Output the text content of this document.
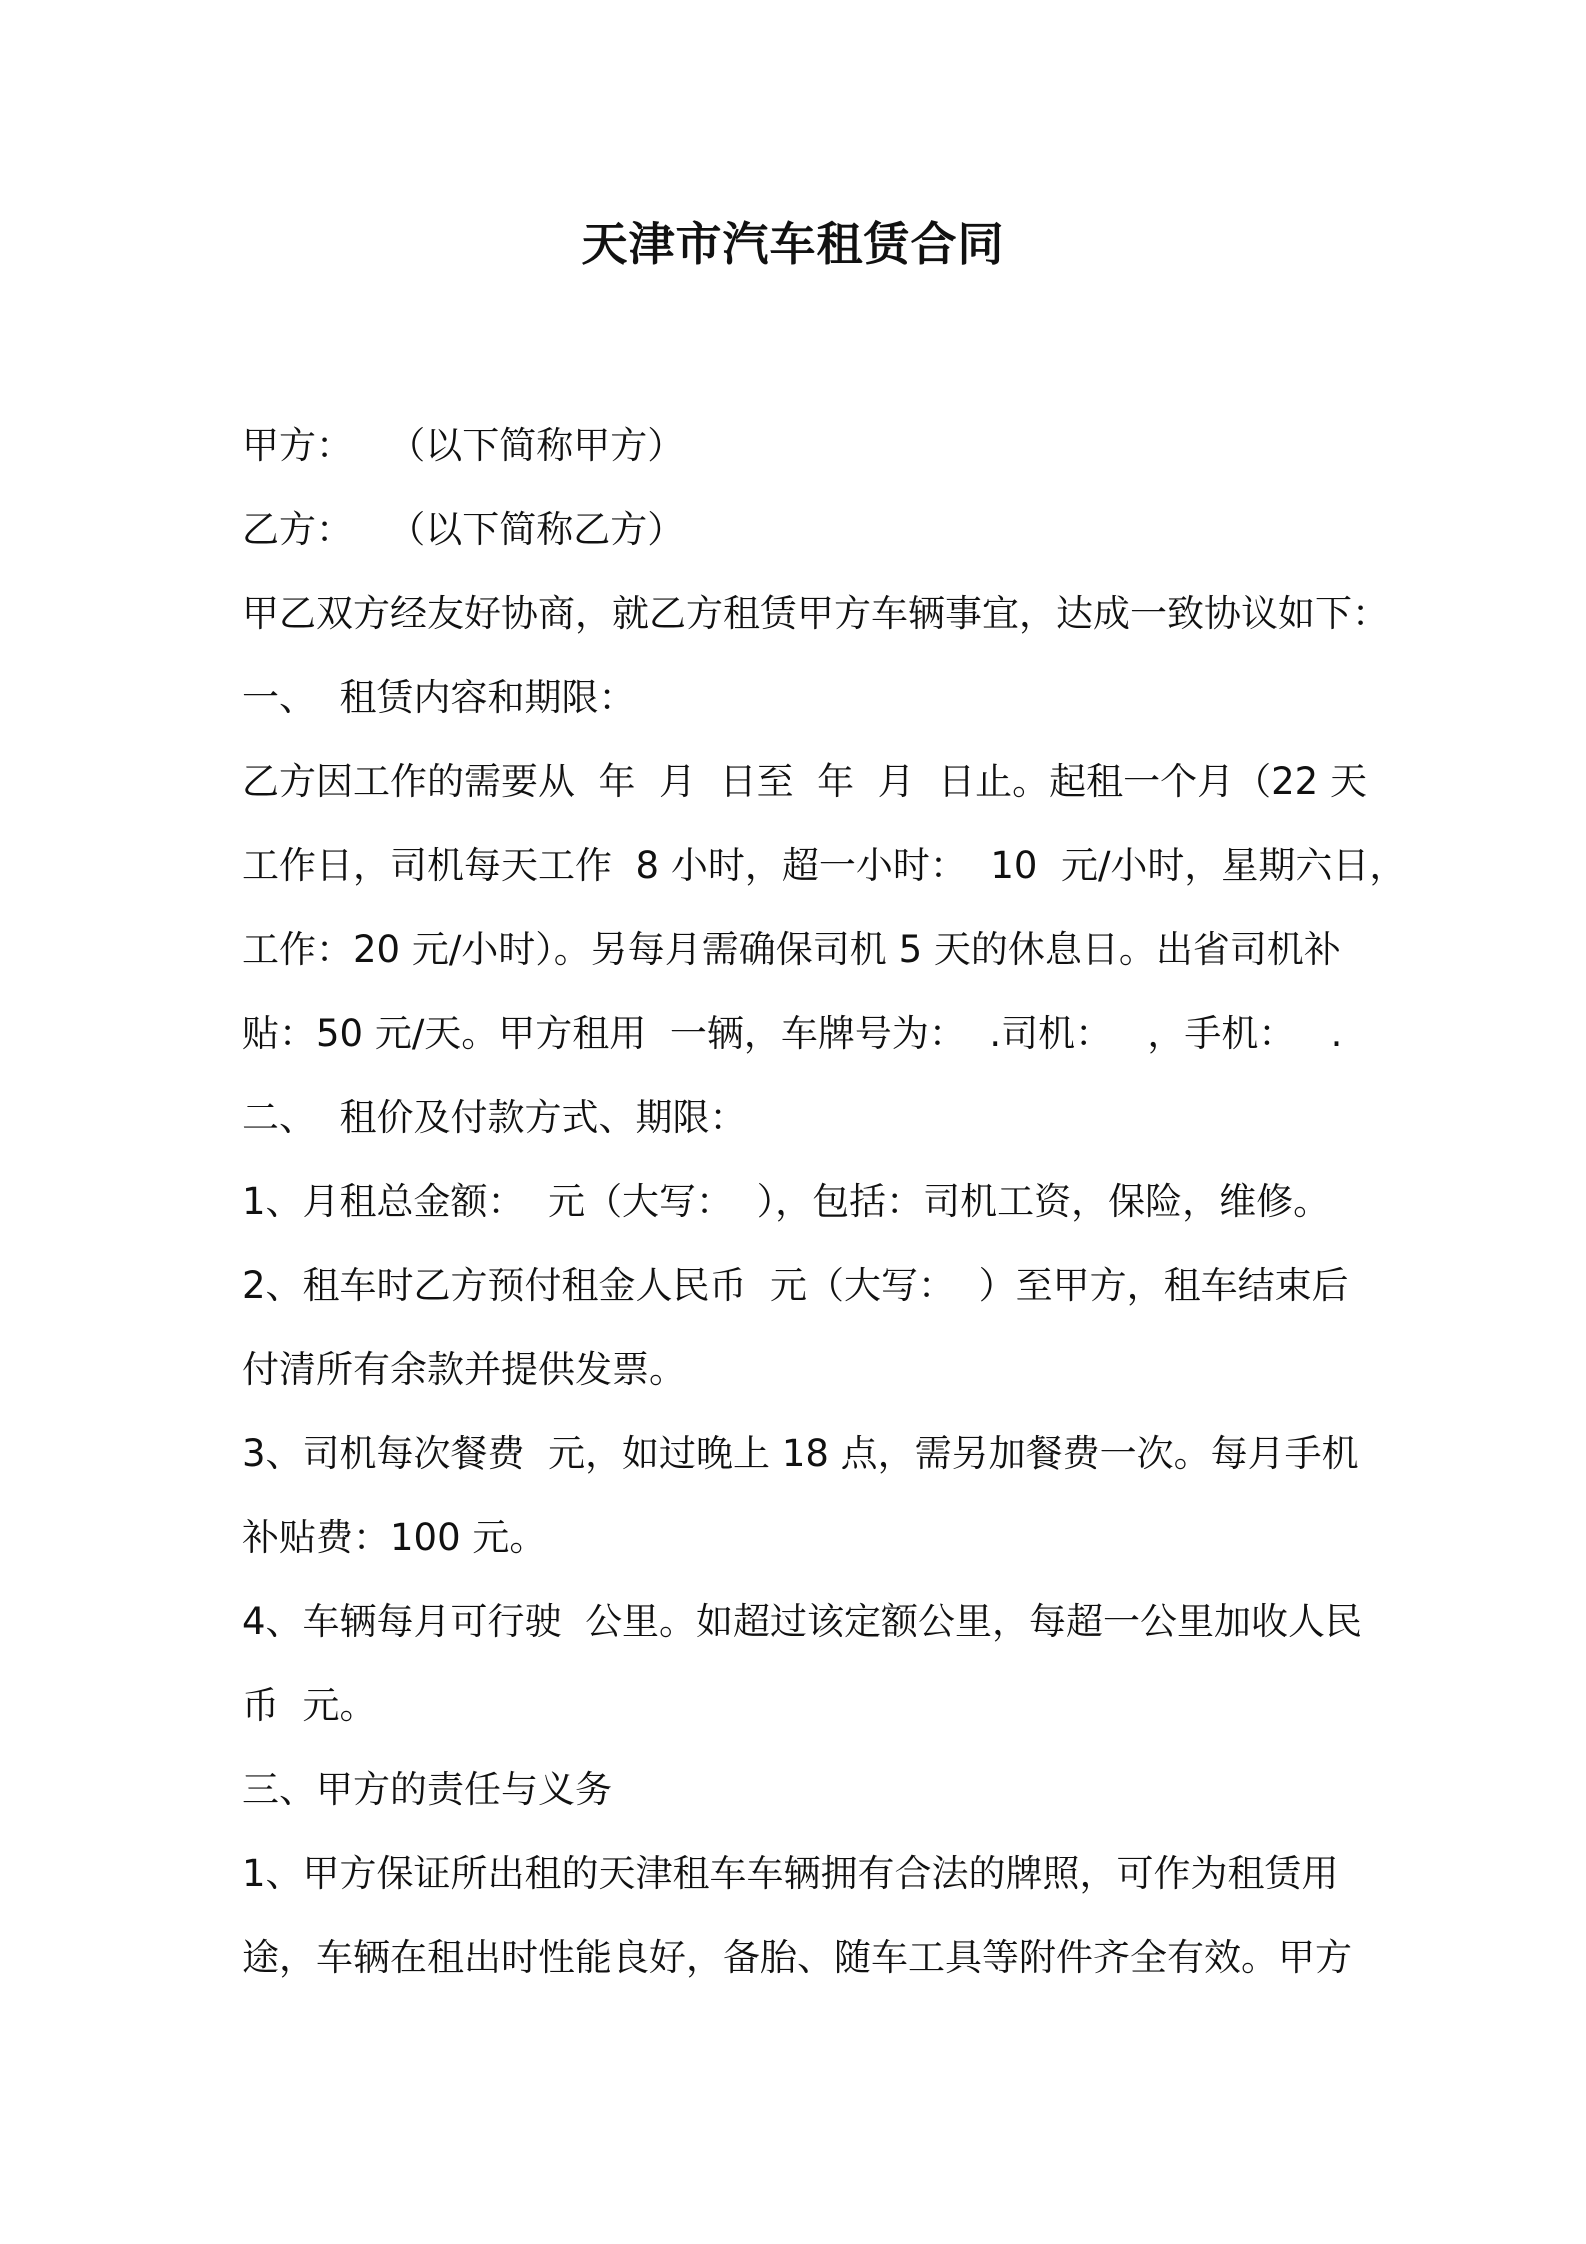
天津市汽车租赁合同
甲方：   （以下简称甲方）
乙方：   （以下简称乙方）
甲乙双方经友好协商，就乙方租赁甲方车辆事宜，达成一致协议如下：
一、  租赁内容和期限：
乙方因工作的需要从  年  月  日至  年  月  日止。起租一个月（22 天
工作日，司机每天工作  8 小时，超一小时：  10  元/小时，星期六日，
工作：20 元/小时）。另每月需确保司机 5 天的休息日。出省司机补
贴：50 元/天。甲方租用  一辆，车牌号为：  .司机：   ，手机：   .
二、  租价及付款方式、期限：
1、月租总金额：  元（大写：  ），包括：司机工资，保险，维修。
2、租车时乙方预付租金人民币  元（大写：  ）至甲方，租车结束后
付清所有余款并提供发票。
3、司机每次餐费  元，如过晚上 18 点，需另加餐费一次。每月手机
补贴费：100 元。
4、车辆每月可行驶  公里。如超过该定额公里，每超一公里加收人民
币  元。
三、甲方的责任与义务
1、甲方保证所出租的天津租车车辆拥有合法的牌照，可作为租赁用
途，车辆在租出时性能良好，备胎、随车工具等附件齐全有效。甲方
